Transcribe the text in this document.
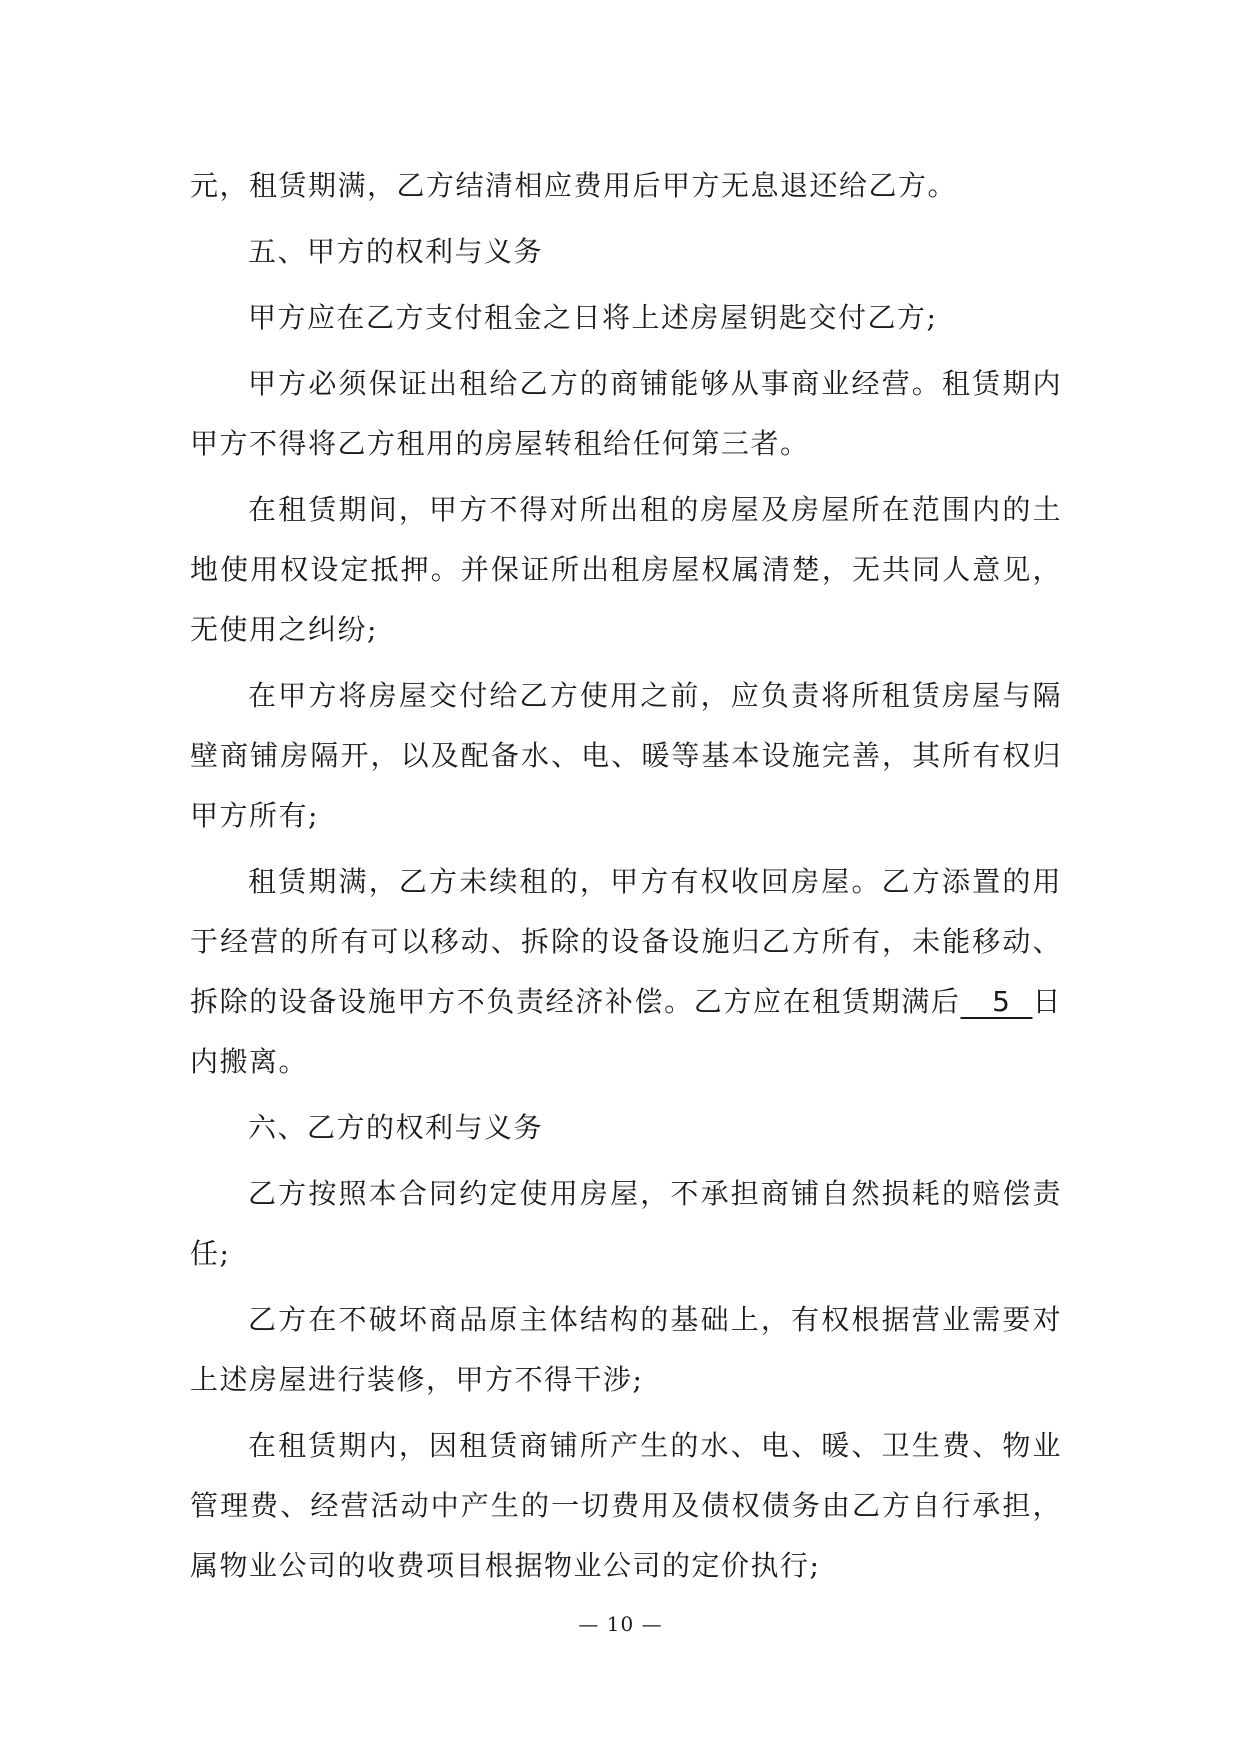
元，租赁期满，乙方结清相应费用后甲方无息退还给乙方。

五、甲方的权利与义务

甲方应在乙方支付租金之日将上述房屋钥匙交付乙方;

甲方必须保证出租给乙方的商铺能够从事商业经营。租赁期内甲方不得将乙方租用的房屋转租给任何第三者。

在租赁期间，甲方不得对所出租的房屋及房屋所在范围内的土地使用权设定抵押。并保证所出租房屋权属清楚，无共同人意见，无使用之纠纷;

在甲方将房屋交付给乙方使用之前，应负责将所租赁房屋与隔壁商铺房隔开，以及配备水、电、暖等基本设施完善，其所有权归甲方所有;

租赁期满，乙方未续租的，甲方有权收回房屋。乙方添置的用于经营的所有可以移动、拆除的设备设施归乙方所有，未能移动、拆除的设备设施甲方不负责经济补偿。乙方应在租赁期满后   5  日内搬离。

六、乙方的权利与义务

乙方按照本合同约定使用房屋，不承担商铺自然损耗的赔偿责任;

乙方在不破坏商品原主体结构的基础上，有权根据营业需要对上述房屋进行装修，甲方不得干涉;

在租赁期内，因租赁商铺所产生的水、电、暖、卫生费、物业管理费、经营活动中产生的一切费用及债权债务由乙方自行承担，属物业公司的收费项目根据物业公司的定价执行;

— 10 —
